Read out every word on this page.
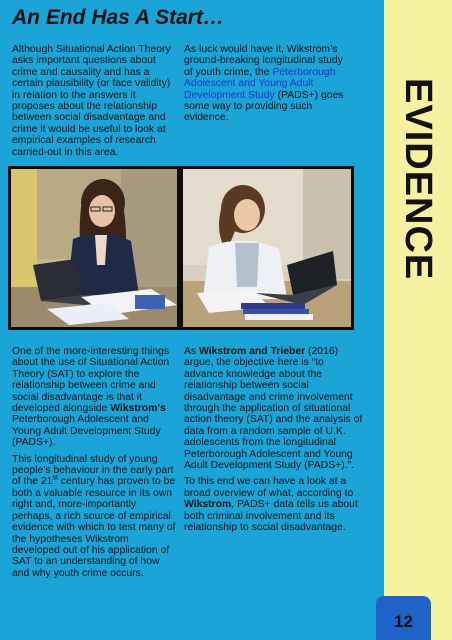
EVIDENCE
An End Has A Start…

Although Situational Action Theory asks important questions about crime and causality and has a certain plausibility (or face validity) in relation to the answers it proposes about the relationship between social disadvantage and crime it would be useful to look at empirical examples of research carried-out in this area.

As luck would have it, Wikstrom’s ground-breaking longitudinal study of youth crime, the Peterborough Adolescent and Young Adult Development Study (PADS+) goes some way to providing such evidence.

One of the more-interesting things about the use of Situational Action Theory (SAT) to explore the relationship between crime and social disadvantage is that it developed alongside Wikstrom's Peterborough Adolescent and Young Adult Development Study (PADS+).

This longitudinal study of young people’s behaviour in the early part of the 21st century has proven to be both a valuable resource in its own right and, more-importantly perhaps, a rich source of empirical evidence with which to test many of the hypotheses Wikstrom developed out of his application of SAT to an understanding of how and why youth crime occurs.

As Wikstrom and Trieber (2016) argue, the objective here is “to advance knowledge about the relationship between social disadvantage and crime involvement through the application of situational action theory (SAT) and the analysis of data from a random sample of U.K. adolescents from the longitudinal Peterborough Adolescent and Young Adult Development Study (PADS+).”.

To this end we can have a look at a broad overview of what, according to Wikstrom, PADS+ data tells us about both criminal involvement and its relationship to social disadvantage.

12
